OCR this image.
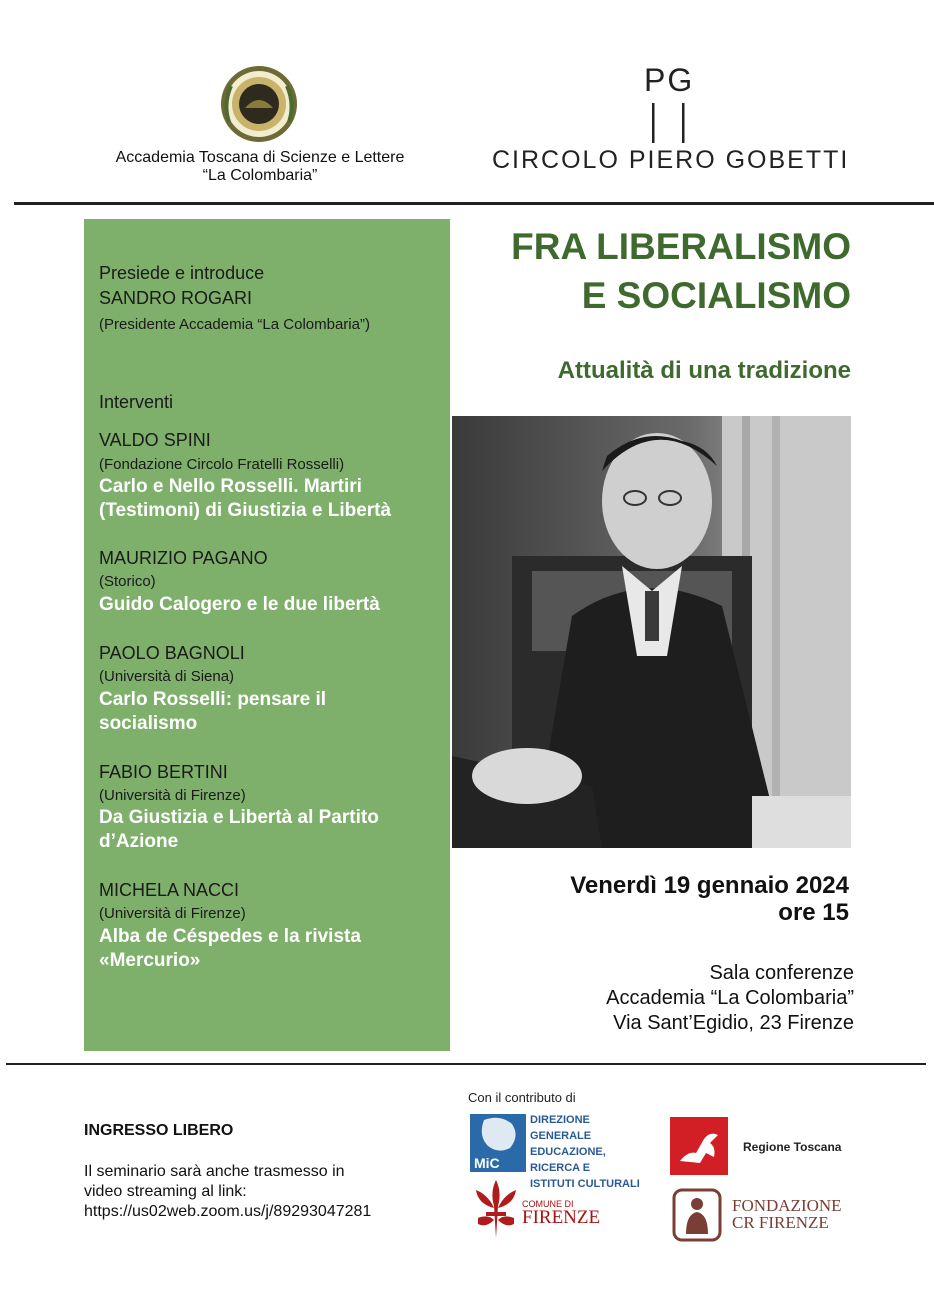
Accademia Toscana di Scienze e Lettere
“La Colombaria”
PG
CIRCOLO PIERO GOBETTI
Presiede e introduce
SANDRO ROGARI
(Presidente Accademia “La Colombaria”)
Interventi
VALDO SPINI
(Fondazione Circolo Fratelli Rosselli)
Carlo e Nello Rosselli. Martiri
(Testimoni) di Giustizia e Libertà
MAURIZIO PAGANO
(Storico)
Guido Calogero e le due libertà
PAOLO BAGNOLI
(Università di Siena)
Carlo Rosselli: pensare il
socialismo
FABIO BERTINI
(Università di Firenze)
Da Giustizia e Libertà al Partito
d’Azione
MICHELA NACCI
(Università di Firenze)
Alba de Céspedes e la rivista
«Mercurio»
FRA LIBERALISMO
E SOCIALISMO
Attualità di una tradizione
Venerdì 19 gennaio 2024
ore 15
Sala conferenze
Accademia “La Colombaria”
Via Sant’Egidio, 23 Firenze
INGRESSO LIBERO
Il seminario sarà anche trasmesso in
video streaming al link:
https://us02web.zoom.us/j/89293047281
Con il contributo di
MiC
DIREZIONE GENERALE
EDUCAZIONE,
RICERCA E
ISTITUTI CULTURALI
Regione Toscana
COMUNE DI
FIRENZE
FONDAZIONE
CR FIRENZE
